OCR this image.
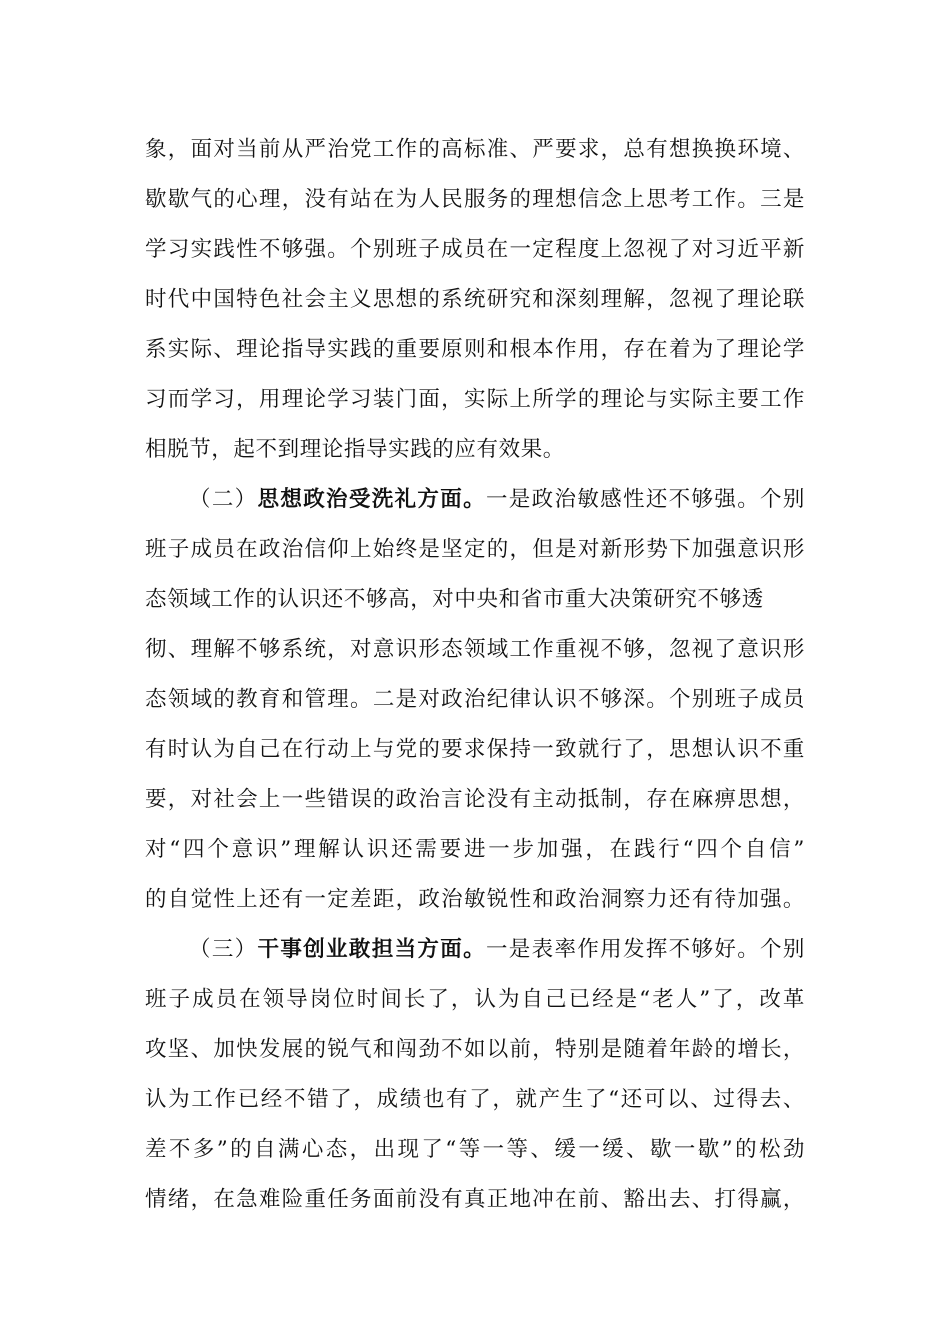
象，面对当前从严治党工作的高标准、严要求，总有想换换环境、
歇歇气的心理，没有站在为人民服务的理想信念上思考工作。三是
学习实践性不够强。个别班子成员在一定程度上忽视了对习近平新
时代中国特色社会主义思想的系统研究和深刻理解，忽视了理论联
系实际、理论指导实践的重要原则和根本作用，存在着为了理论学
习而学习，用理论学习装门面，实际上所学的理论与实际主要工作
相脱节，起不到理论指导实践的应有效果。
（二）思想政治受洗礼方面。一是政治敏感性还不够强。个别
班子成员在政治信仰上始终是坚定的，但是对新形势下加强意识形
态领域工作的认识还不够高，对中央和省市重大决策研究不够透
彻、理解不够系统，对意识形态领域工作重视不够，忽视了意识形
态领域的教育和管理。二是对政治纪律认识不够深。个别班子成员
有时认为自己在行动上与党的要求保持一致就行了，思想认识不重
要，对社会上一些错误的政治言论没有主动抵制，存在麻痹思想，
对“四个意识”理解认识还需要进一步加强，在践行“四个自信”
的自觉性上还有一定差距，政治敏锐性和政治洞察力还有待加强。
（三）干事创业敢担当方面。一是表率作用发挥不够好。个别
班子成员在领导岗位时间长了，认为自己已经是“老人”了，改革
攻坚、加快发展的锐气和闯劲不如以前，特别是随着年龄的增长，
认为工作已经不错了，成绩也有了，就产生了“还可以、过得去、
差不多”的自满心态，出现了“等一等、缓一缓、歇一歇”的松劲
情绪，在急难险重任务面前没有真正地冲在前、豁出去、打得赢，
